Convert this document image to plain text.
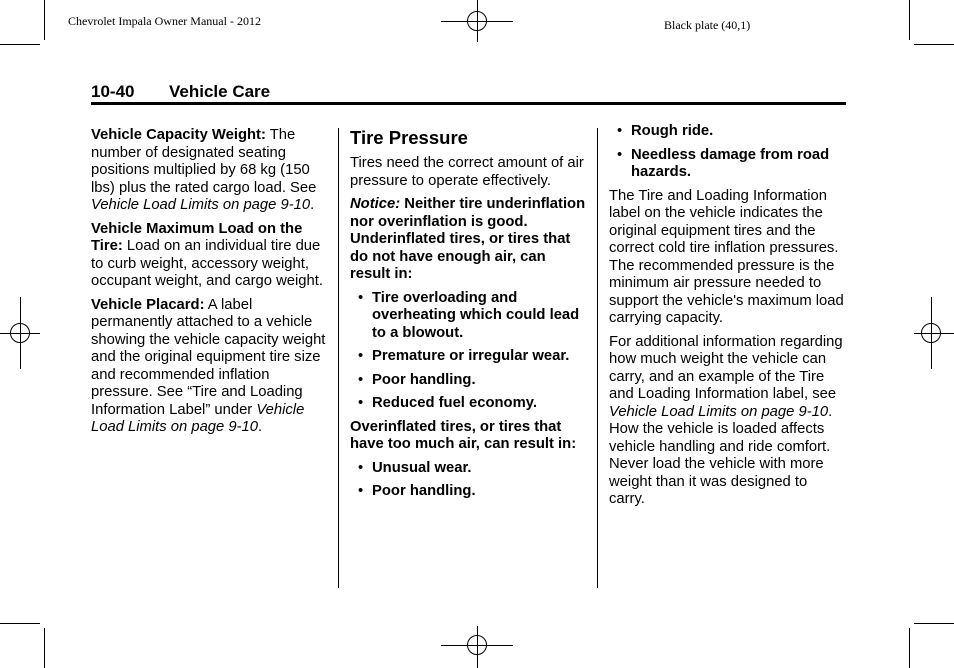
Chevrolet Impala Owner Manual - 2012	Black plate (40,1)
10-40 Vehicle Care

Vehicle Capacity Weight: The number of designated seating positions multiplied by 68 kg (150 lbs) plus the rated cargo load. See Vehicle Load Limits on page 9-10.

Vehicle Maximum Load on the Tire: Load on an individual tire due to curb weight, accessory weight, occupant weight, and cargo weight.

Vehicle Placard: A label permanently attached to a vehicle showing the vehicle capacity weight and the original equipment tire size and recommended inflation pressure. See “Tire and Loading Information Label” under Vehicle Load Limits on page 9-10.

Tire Pressure

Tires need the correct amount of air pressure to operate effectively.

Notice: Neither tire underinflation nor overinflation is good. Underinflated tires, or tires that do not have enough air, can result in:

• Tire overloading and overheating which could lead to a blowout.
• Premature or irregular wear.
• Poor handling.
• Reduced fuel economy.

Overinflated tires, or tires that have too much air, can result in:

• Unusual wear.
• Poor handling.
• Rough ride.
• Needless damage from road hazards.

The Tire and Loading Information label on the vehicle indicates the original equipment tires and the correct cold tire inflation pressures. The recommended pressure is the minimum air pressure needed to support the vehicle's maximum load carrying capacity.

For additional information regarding how much weight the vehicle can carry, and an example of the Tire and Loading Information label, see Vehicle Load Limits on page 9-10. How the vehicle is loaded affects vehicle handling and ride comfort. Never load the vehicle with more weight than it was designed to carry.
